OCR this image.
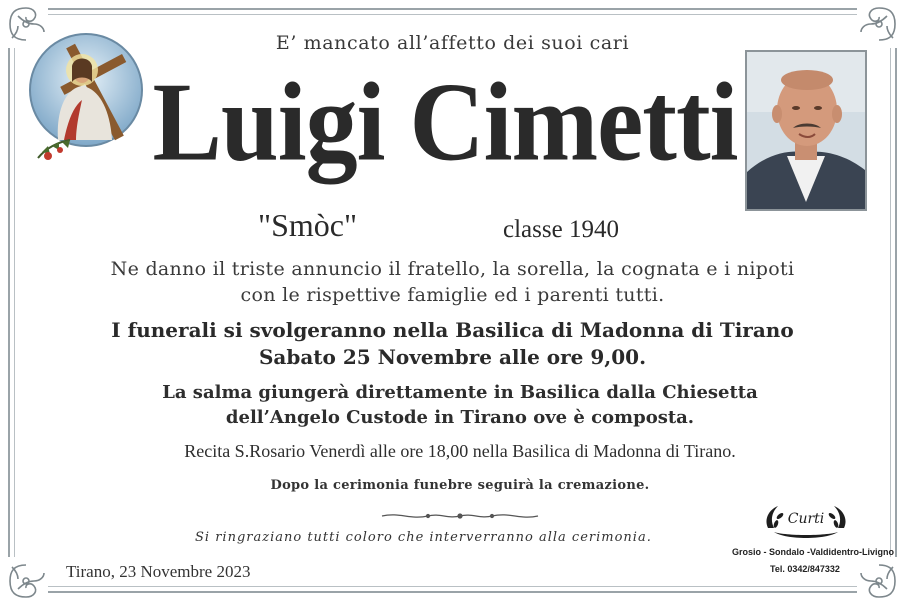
E’ mancato all’affetto dei suoi cari
Luigi Cimetti
"Smòc"	classe 1940
Ne danno il triste annuncio il fratello, la sorella, la cognata e i nipoti
con le rispettive famiglie ed i parenti tutti.
I funerali si svolgeranno nella Basilica di Madonna di Tirano
Sabato 25 Novembre alle ore 9,00.
La salma giungerà direttamente in Basilica dalla Chiesetta
dell’Angelo Custode in Tirano ove è composta.
Recita S.Rosario Venerdì alle ore 18,00 nella Basilica di Madonna di Tirano.
Dopo la cerimonia funebre seguirà la cremazione.
Si ringraziano tutti coloro che interverranno alla cerimonia.
Tirano, 23 Novembre 2023
Curti
Grosio - Sondalo -Valdidentro-Livigno
Tel. 0342/847332
